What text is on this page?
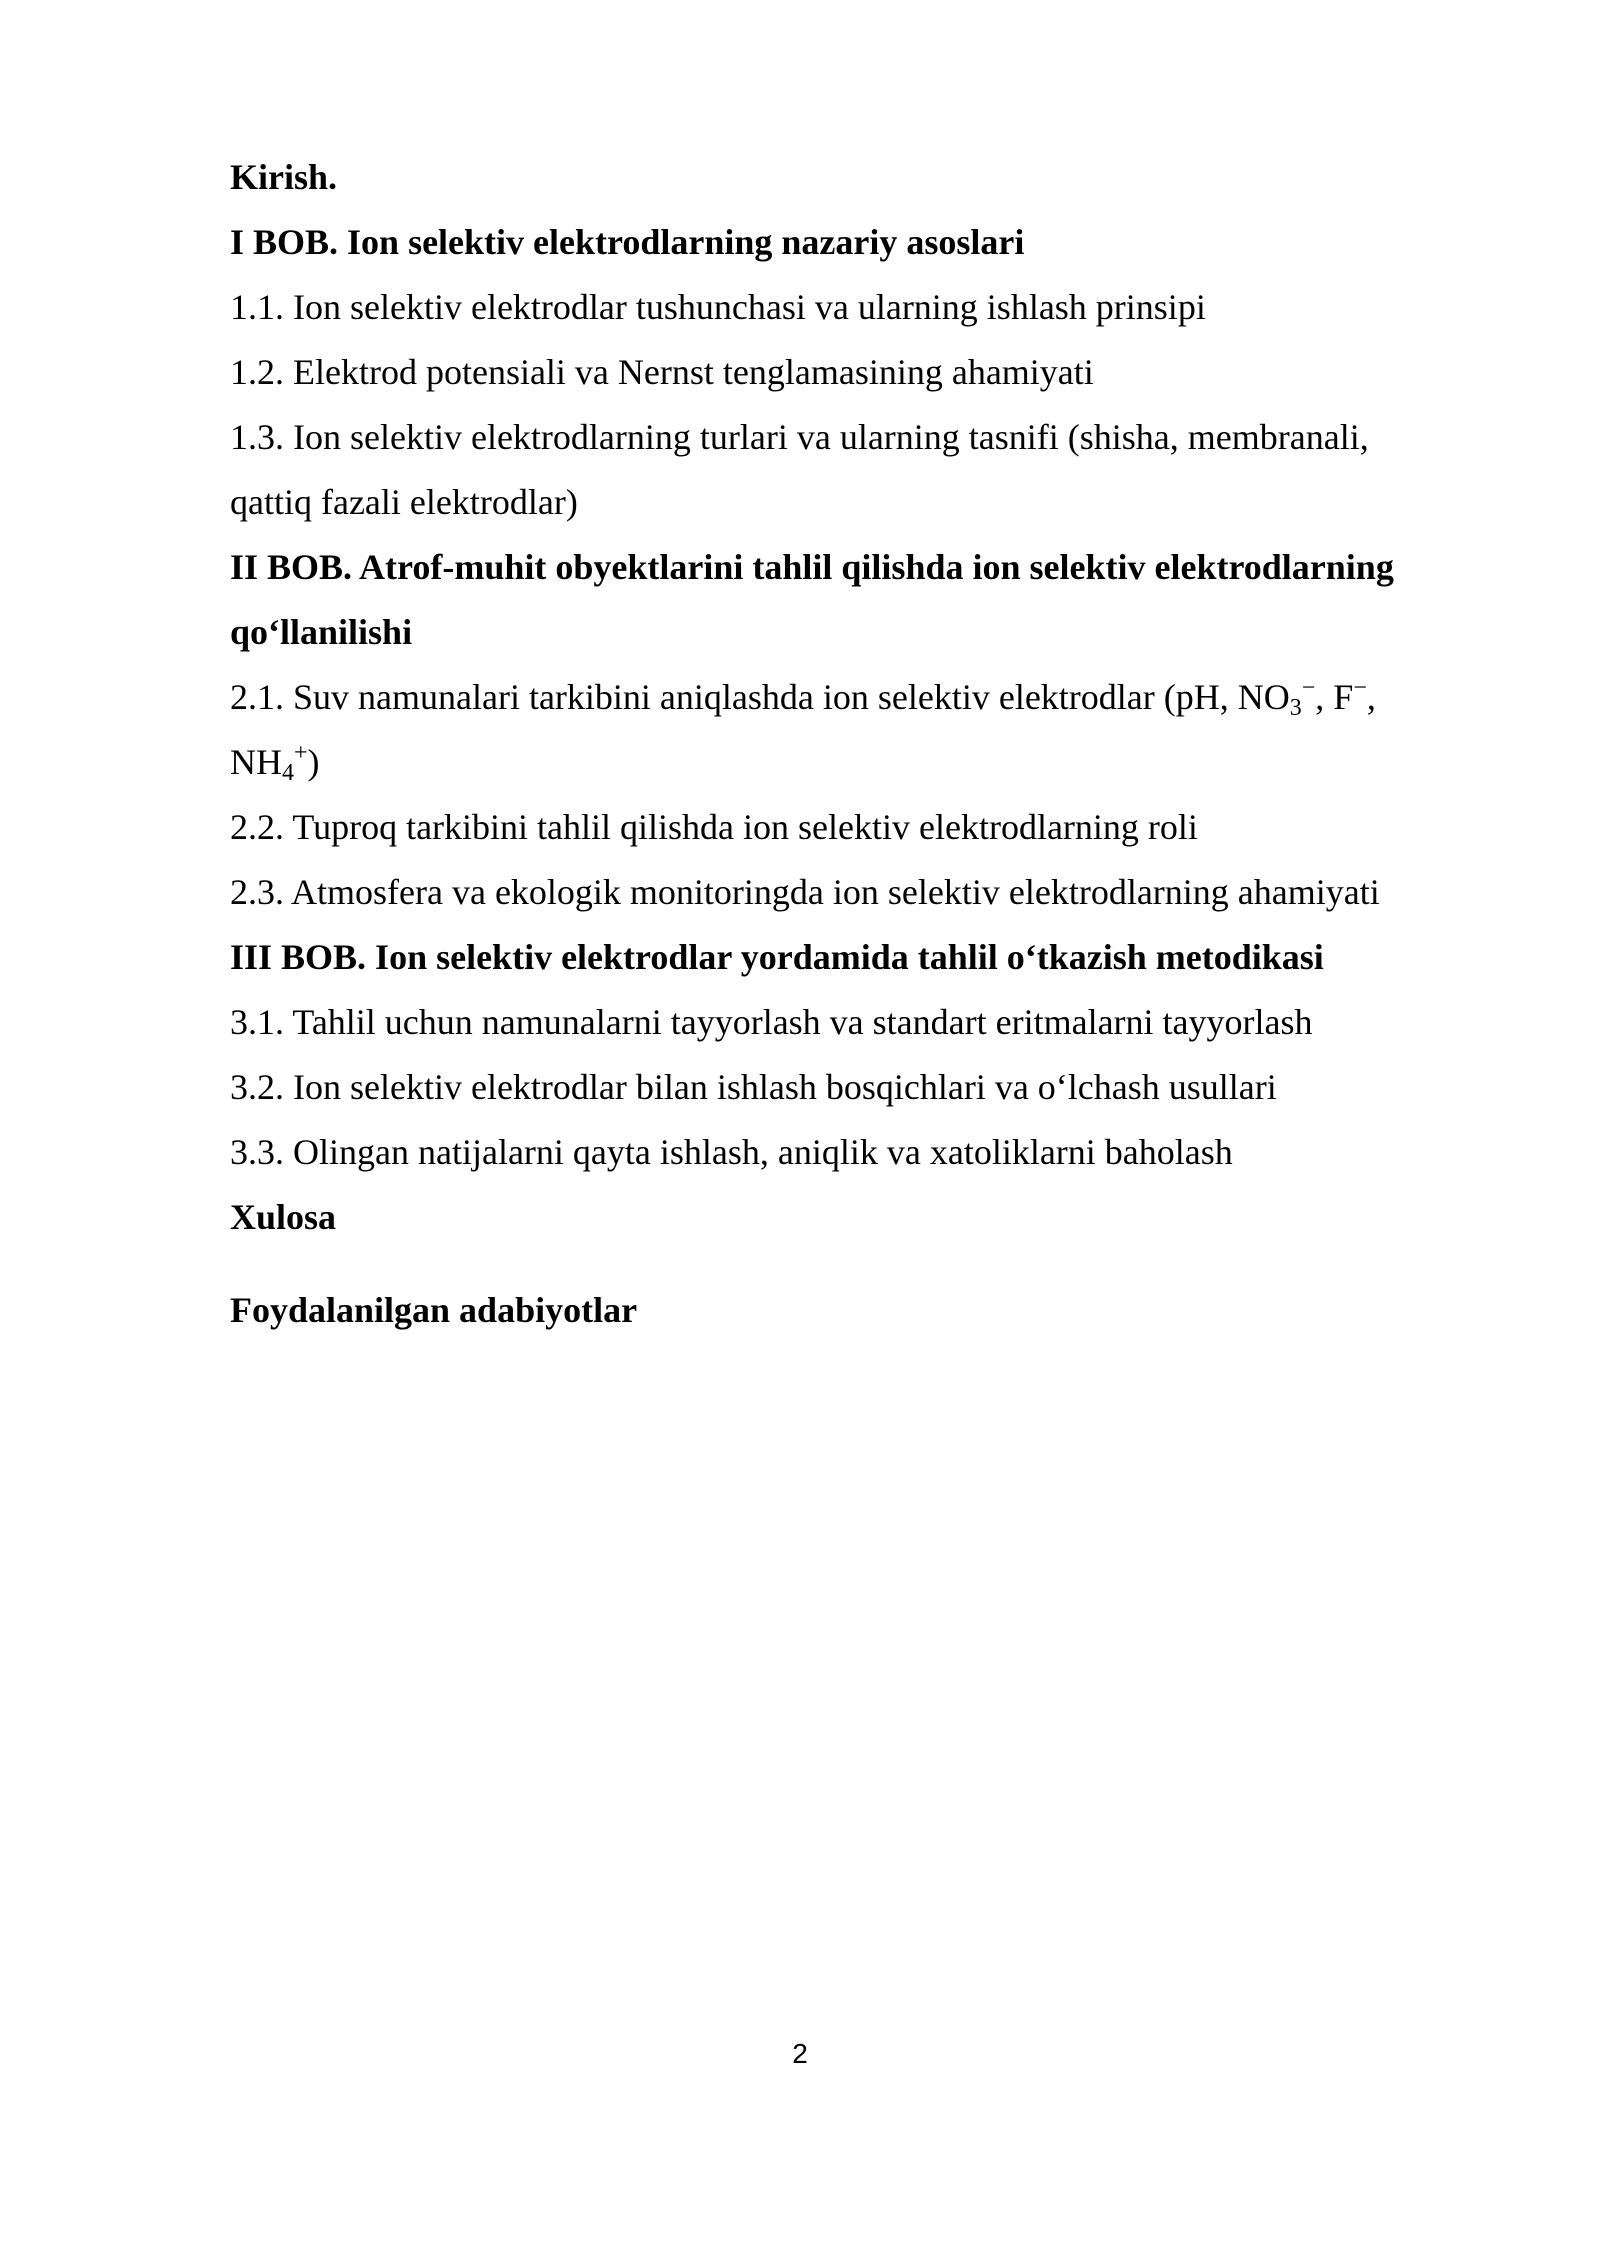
Kirish.

I BOB. Ion selektiv elektrodlarning nazariy asoslari

1.1. Ion selektiv elektrodlar tushunchasi va ularning ishlash prinsipi

1.2. Elektrod potensiali va Nernst tenglamasining ahamiyati

1.3. Ion selektiv elektrodlarning turlari va ularning tasnifi (shisha, membranali,

qattiq fazali elektrodlar)

II BOB. Atrof-muhit obyektlarini tahlil qilishda ion selektiv elektrodlarning

qo‘llanilishi

2.1. Suv namunalari tarkibini aniqlashda ion selektiv elektrodlar (pH, $NO_3^-$, F−,

$NH_4^+$)

2.2. Tuproq tarkibini tahlil qilishda ion selektiv elektrodlarning roli

2.3. Atmosfera va ekologik monitoringda ion selektiv elektrodlarning ahamiyati

III BOB. Ion selektiv elektrodlar yordamida tahlil o‘tkazish metodikasi

3.1. Tahlil uchun namunalarni tayyorlash va standart eritmalarni tayyorlash

3.2. Ion selektiv elektrodlar bilan ishlash bosqichlari va o‘lchash usullari

3.3. Olingan natijalarni qayta ishlash, aniqlik va xatoliklarni baholash

Xulosa

Foydalanilgan adabiyotlar

2
